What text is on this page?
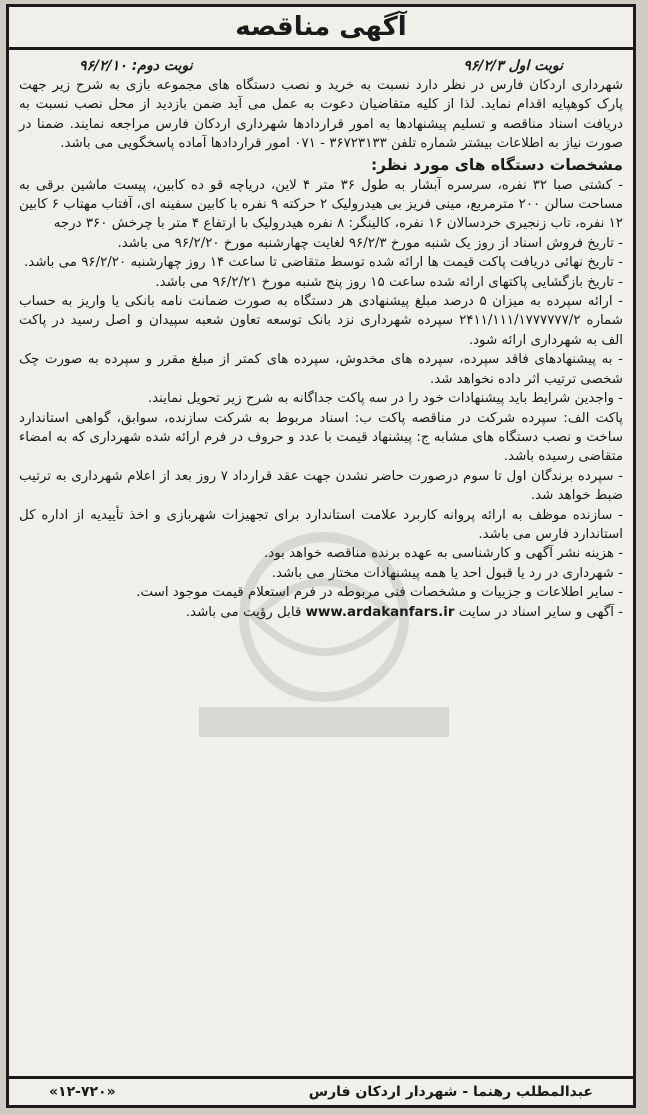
آگهی مناقصه
نوبت اول ۹۶/۲/۳
نوبت دوم: ۹۶/۲/۱۰

شهرداری اردکان فارس در نظر دارد نسبت به خرید و نصب دستگاه های مجموعه بازی به شرح زیر جهت پارک کوهپایه اقدام نماید. لذا از کلیه متقاضیان دعوت به عمل می آید ضمن بازدید از محل نصب نسبت به دریافت اسناد مناقصه و تسلیم پیشنهادها به امور قراردادها شهرداری اردکان فارس مراجعه نمایند. ضمنا در صورت نیاز به اطلاعات بیشتر شماره تلفن ۳۶۷۲۳۱۳۳ - ۰۷۱ امور قراردادها آماده پاسخگویی می باشد.

مشخصات دستگاه های مورد نظر:

- کشتی صبا ۳۲ نفره، سرسره آبشار به طول ۳۶ متر ۴ لاین، دریاچه قو ده کابین، پیست ماشین برقی به مساحت سالن ۲۰۰ مترمربع، مینی فریز بی هیدرولیک ۲ حرکته ۹ نفره با کابین سفینه ای، آفتاب مهتاب ۶ کابین ۱۲ نفره، تاب زنجیری خردسالان ۱۶ نفره، کالینگر: ۸ نفره هیدرولیک با ارتفاع ۴ متر با چرخش ۳۶۰ درجه

- تاریخ فروش اسناد از روز یک شنبه مورخ ۹۶/۲/۳ لغایت چهارشنبه مورخ ۹۶/۲/۲۰ می باشد.

- تاریخ نهائی دریافت پاکت قیمت ها ارائه شده توسط متقاضی تا ساعت ۱۴ روز چهارشنبه ۹۶/۲/۲۰ می باشد.

- تاریخ بازگشایی پاکتهای ارائه شده ساعت ۱۵ روز پنج شنبه مورخ ۹۶/۲/۲۱ می باشد.

- ارائه سپرده به میزان ۵ درصد مبلغ پیشنهادی هر دستگاه به صورت ضمانت نامه بانکی یا واریز به حساب شماره ۲۴۱۱/۱۱۱/۱۷۷۷۷۷۷/۲ سپرده شهرداری نزد بانک توسعه تعاون شعبه سپیدان و اصل رسید در پاکت الف به شهرداری ارائه شود.

- به پیشنهادهای فاقد سپرده، سپرده های مخدوش، سپرده های کمتر از مبلغ مقرر و سپرده به صورت چک شخصی ترتیب اثر داده نخواهد شد.

- واجدین شرایط باید پیشنهادات خود را در سه پاکت جداگانه به شرح زیر تحویل نمایند.

پاکت الف: سپرده شرکت در مناقصه پاکت ب: اسناد مربوط به شرکت سازنده، سوابق، گواهی استاندارد ساخت و نصب دستگاه های مشابه ج: پیشنهاد قیمت با عدد و حروف در فرم ارائه شده شهرداری که به امضاء متقاضی رسیده باشد.

- سپرده برندگان اول تا سوم درصورت حاضر نشدن جهت عقد قرارداد ۷ روز بعد از اعلام شهرداری به ترتیب ضبط خواهد شد.

- سازنده موظف به ارائه پروانه کاربرد علامت استاندارد برای تجهیزات شهربازی و اخذ تأییدیه از اداره کل استاندارد فارس می باشد.

- هزینه نشر آگهی و کارشناسی به عهده برنده مناقصه خواهد بود.

- شهرداری در رد یا قبول احد یا همه پیشنهادات مختار می باشد.

- سایر اطلاعات و جزییات و مشخصات فنی مربوطه در فرم استعلام قیمت موجود است.

- آگهی و سایر اسناد در سایت www.ardakanfars.ir قابل رؤیت می باشد.

عبدالمطلب رهنما - شهردار اردکان فارس
«۱۲-۷۲۰»
